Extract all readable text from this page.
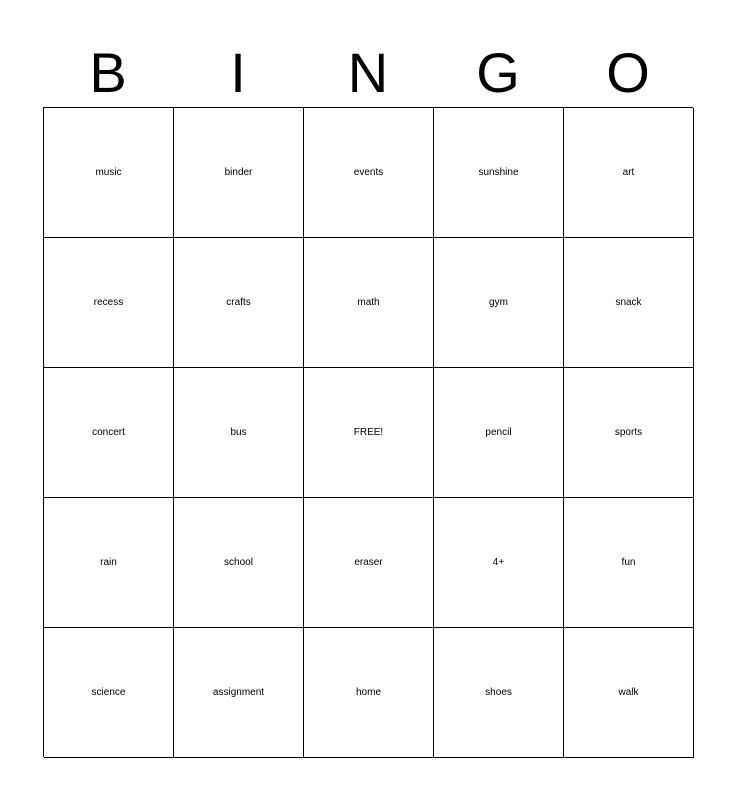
B	I	N	G	O
music	binder	events	sunshine	art
recess	crafts	math	gym	snack
concert	bus	FREE!	pencil	sports
rain	school	eraser	4+	fun
science	assignment	home	shoes	walk
